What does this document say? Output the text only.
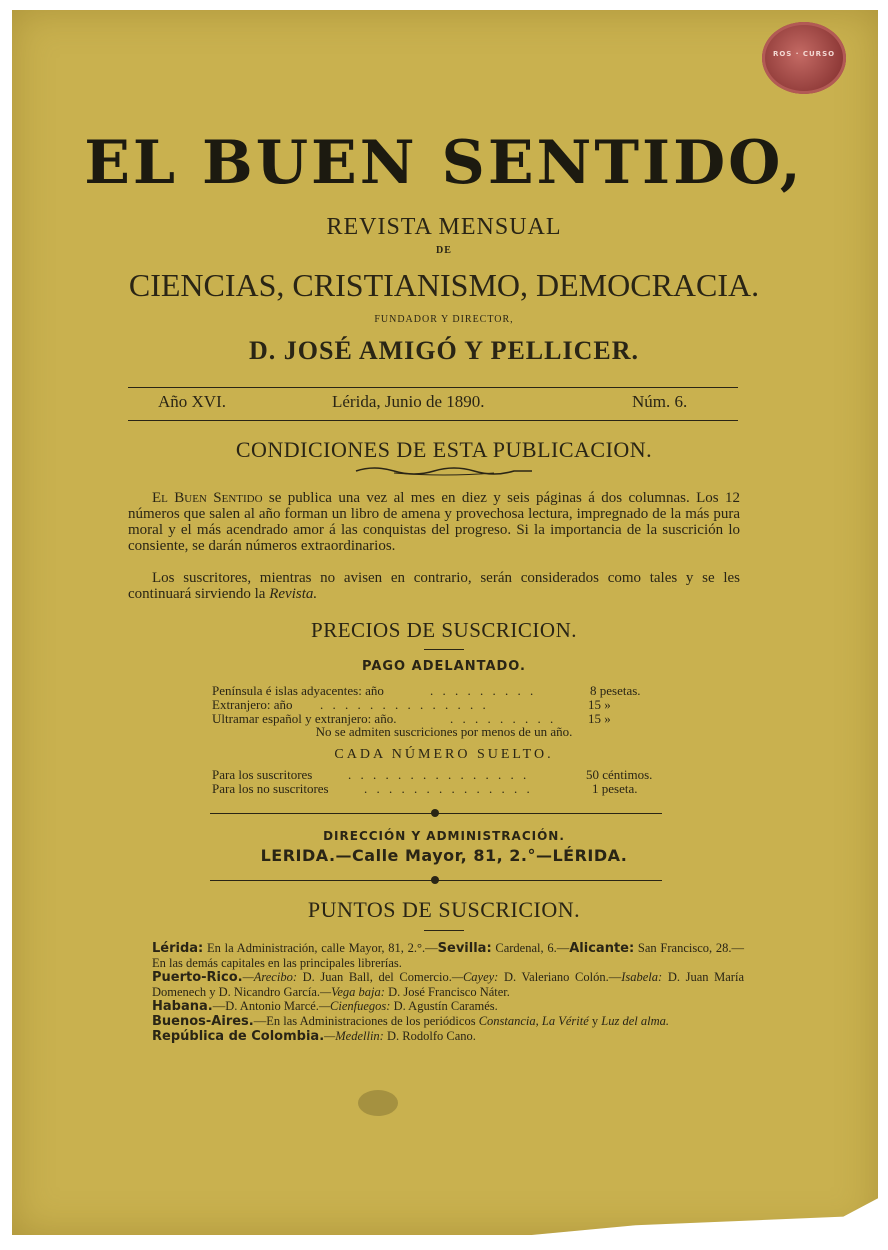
ROS · CURSO
EL BUEN SENTIDO,
REVISTA MENSUAL
DE
CIENCIAS, CRISTIANISMO, DEMOCRACIA.
FUNDADOR Y DIRECTOR,
D. JOSÉ AMIGÓ Y PELLICER.
Año XVI.	Lérida, Junio de 1890.	Núm. 6.
CONDICIONES DE ESTA PUBLICACION.
El Buen Sentido se publica una vez al mes en diez y seis páginas á dos columnas. Los 12 números que salen al año forman un libro de amena y provechosa lectura, impregnado de la más pura moral y el más acendrado amor á las conquistas del progreso. Si la importancia de la suscrición lo consiente, se darán números extraordinarios.
Los suscritores, mientras no avisen en contrario, serán considerados como tales y se les continuará sirviendo la Revista.
PRECIOS DE SUSCRICION.
PAGO ADELANTADO.
Península é islas adyacentes: año	. . . . . . . . .	8 pesetas.
Extranjero: año . . . . . . . . . . . . . .	15 »
Ultramar español y extranjero: año.	. . . . . . . . . 15 »
No se admiten suscriciones por menos de un año.
CADA NÚMERO SUELTO.
Para los suscritores	. . . . . . . . . . . . . . .	50 céntimos.
Para los no suscritores	. . . . . . . . . . . . . .	1 peseta.
DIRECCIÓN Y ADMINISTRACIÓN.
LERIDA.—Calle Mayor, 81, 2.°—LÉRIDA.
PUNTOS DE SUSCRICION.
Lérida: En la Administración, calle Mayor, 81, 2.°.—Sevilla: Cardenal, 6.—Alicante: San Francisco, 28.—En las demás capitales en las principales librerías.
Puerto-Rico.—Arecibo: D. Juan Ball, del Comercio.—Cayey: D. Valeriano Colón.—Isabela: D. Juan María Domenech y D. Nicandro García.—Vega baja: D. José Francisco Náter.
Habana.—D. Antonio Marcé.—Cienfuegos: D. Agustín Caramés.
Buenos-Aires.—En las Administraciones de los periódicos Constancia, La Vérité y Luz del alma.
República de Colombia.—Medellin: D. Rodolfo Cano.
